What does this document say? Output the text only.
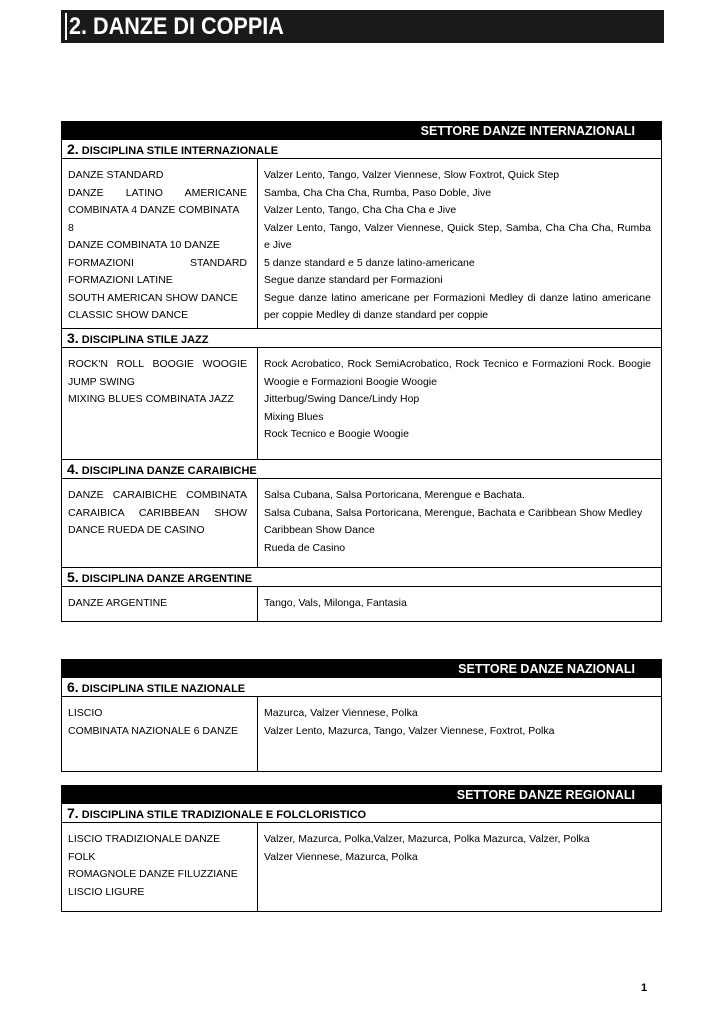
2. DANZE DI COPPIA
SETTORE DANZE INTERNAZIONALI
2. DISCIPLINA STILE INTERNAZIONALE
DANZE STANDARD
DANZE LATINO AMERICANE
COMBINATA 4 DANZE COMBINATA 8
DANZE COMBINATA 10 DANZE
FORMAZIONI STANDARD
FORMAZIONI LATINE
SOUTH AMERICAN SHOW DANCE
CLASSIC SHOW DANCE
Valzer Lento, Tango, Valzer Viennese, Slow Foxtrot, Quick Step
Samba, Cha Cha Cha, Rumba, Paso Doble, Jive
Valzer Lento, Tango, Cha Cha Cha e Jive
Valzer Lento, Tango, Valzer Viennese, Quick Step, Samba, Cha Cha Cha, Rumba e Jive
5 danze standard e 5 danze latino-americane
Segue danze standard per Formazioni
Segue danze latino americane per Formazioni Medley di danze latino americane per coppie Medley di danze standard per coppie
3. DISCIPLINA STILE JAZZ
ROCK'N ROLL BOOGIE WOOGIE
JUMP SWING
MIXING BLUES COMBINATA JAZZ
Rock Acrobatico, Rock SemiAcrobatico, Rock Tecnico e Formazioni Rock. Boogie Woogie e Formazioni Boogie Woogie
Jitterbug/Swing Dance/Lindy Hop
Mixing Blues
Rock Tecnico e Boogie Woogie
4. DISCIPLINA DANZE CARAIBICHE
DANZE CARAIBICHE COMBINATA
CARAIBICA CARIBBEAN SHOW
DANCE RUEDA DE CASINO
Salsa Cubana, Salsa Portoricana, Merengue e Bachata.
Salsa Cubana, Salsa Portoricana, Merengue, Bachata e Caribbean Show Medley
Caribbean Show Dance
Rueda de Casino
5. DISCIPLINA DANZE ARGENTINE
DANZE ARGENTINE	Tango, Vals, Milonga, Fantasia
SETTORE DANZE NAZIONALI
6. DISCIPLINA STILE NAZIONALE
LISCIO
COMBINATA NAZIONALE 6 DANZE
Mazurca, Valzer Viennese, Polka
Valzer Lento, Mazurca, Tango, Valzer Viennese, Foxtrot, Polka
SETTORE DANZE REGIONALI
7. DISCIPLINA STILE TRADIZIONALE E FOLCLORISTICO
LISCIO TRADIZIONALE DANZE FOLK
ROMAGNOLE DANZE FILUZZIANE
LISCIO LIGURE
Valzer, Mazurca, Polka,Valzer, Mazurca, Polka Mazurca, Valzer, Polka
Valzer Viennese, Mazurca, Polka
1
